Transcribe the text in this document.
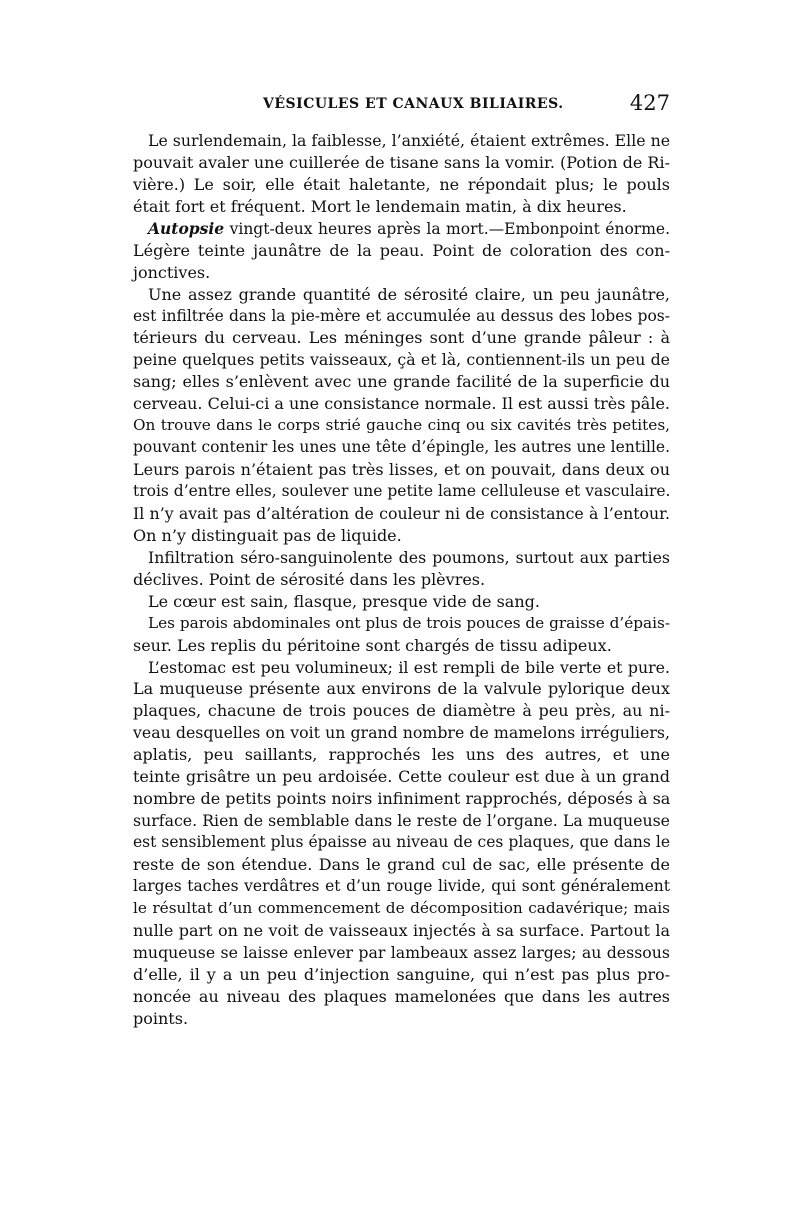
VÉSICULES ET CANAUX BILIAIRES.	427
Le surlendemain, la faiblesse, l’anxiété, étaient extrêmes. Elle ne
pouvait avaler une cuillerée de tisane sans la vomir. (Potion de Ri-
vière.) Le soir, elle était haletante, ne répondait plus; le pouls
était fort et fréquent. Mort le lendemain matin, à dix heures.
Autopsie vingt-deux heures après la mort.—Embonpoint énorme.
Légère teinte jaunâtre de la peau. Point de coloration des con-
jonctives.
Une assez grande quantité de sérosité claire, un peu jaunâtre,
est infiltrée dans la pie-mère et accumulée au dessus des lobes pos-
térieurs du cerveau. Les méninges sont d’une grande pâleur : à
peine quelques petits vaisseaux, çà et là, contiennent-ils un peu de
sang; elles s’enlèvent avec une grande facilité de la superficie du
cerveau. Celui-ci a une consistance normale. Il est aussi très pâle.
On trouve dans le corps strié gauche cinq ou six cavités très petites,
pouvant contenir les unes une tête d’épingle, les autres une lentille.
Leurs parois n’étaient pas très lisses, et on pouvait, dans deux ou
trois d’entre elles, soulever une petite lame celluleuse et vasculaire.
Il n’y avait pas d’altération de couleur ni de consistance à l’entour.
On n’y distinguait pas de liquide.
Infiltration séro-sanguinolente des poumons, surtout aux parties
déclives. Point de sérosité dans les plèvres.
Le cœur est sain, flasque, presque vide de sang.
Les parois abdominales ont plus de trois pouces de graisse d’épais-
seur. Les replis du péritoine sont chargés de tissu adipeux.
L’estomac est peu volumineux; il est rempli de bile verte et pure.
La muqueuse présente aux environs de la valvule pylorique deux
plaques, chacune de trois pouces de diamètre à peu près, au ni-
veau desquelles on voit un grand nombre de mamelons irréguliers,
aplatis, peu saillants, rapprochés les uns des autres, et une
teinte grisâtre un peu ardoisée. Cette couleur est due à un grand
nombre de petits points noirs infiniment rapprochés, déposés à sa
surface. Rien de semblable dans le reste de l’organe. La muqueuse
est sensiblement plus épaisse au niveau de ces plaques, que dans le
reste de son étendue. Dans le grand cul de sac, elle présente de
larges taches verdâtres et d’un rouge livide, qui sont généralement
le résultat d’un commencement de décomposition cadavérique; mais
nulle part on ne voit de vaisseaux injectés à sa surface. Partout la
muqueuse se laisse enlever par lambeaux assez larges; au dessous
d’elle, il y a un peu d’injection sanguine, qui n’est pas plus pro-
noncée au niveau des plaques mamelonées que dans les autres
points.
